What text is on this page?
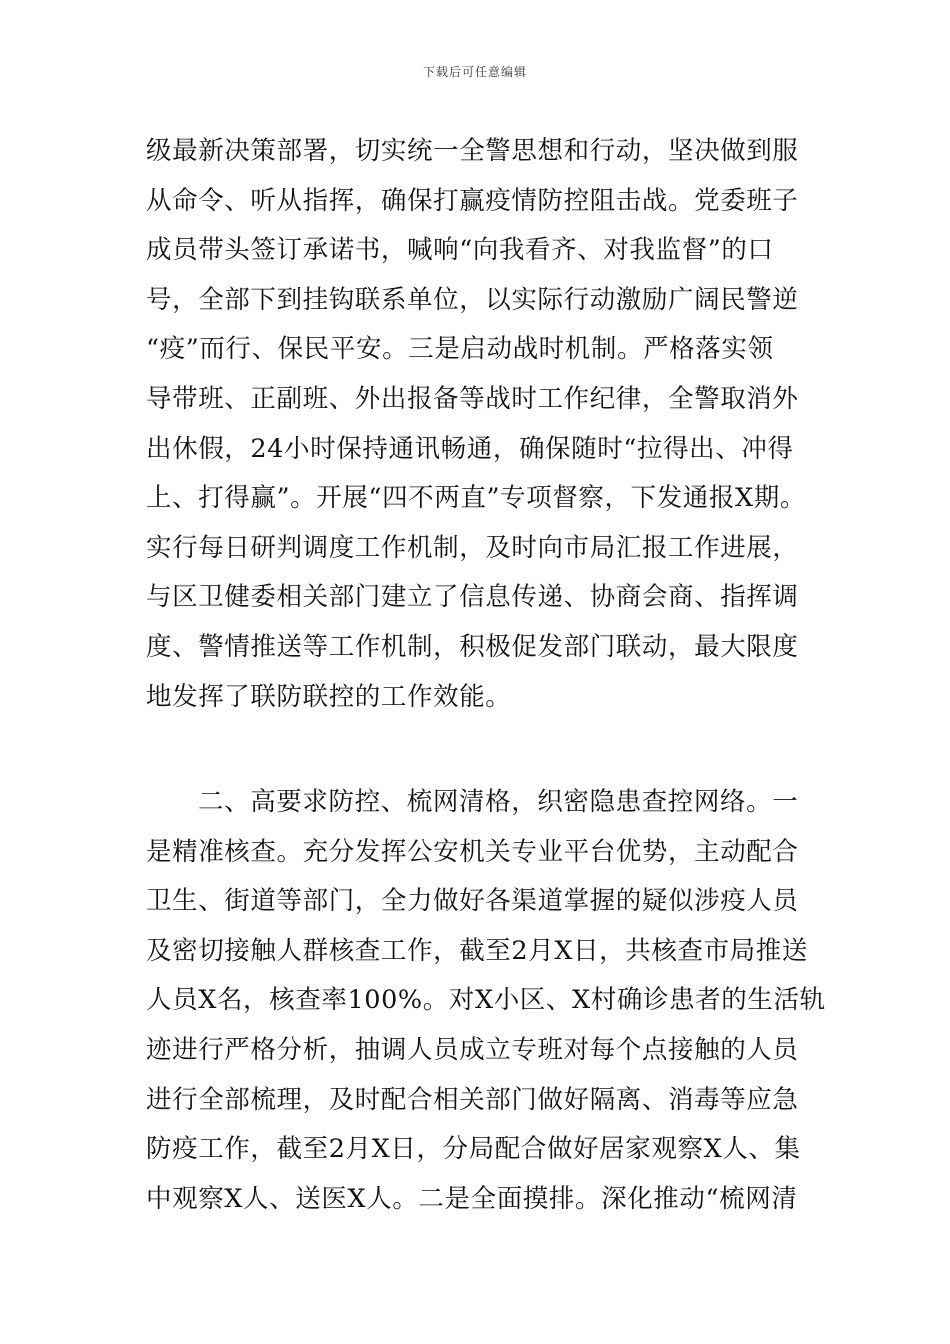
下载后可任意编辑
级最新决策部署，切实统一全警思想和行动，坚决做到服
从命令、听从指挥，确保打赢疫情防控阻击战。党委班子
成员带头签订承诺书，喊响“向我看齐、对我监督”的口
号，全部下到挂钩联系单位，以实际行动激励广阔民警逆
“疫”而行、保民平安。三是启动战时机制。严格落实领
导带班、正副班、外出报备等战时工作纪律，全警取消外
出休假，24小时保持通讯畅通，确保随时“拉得出、冲得
上、打得赢”。开展“四不两直”专项督察，下发通报X期。
实行每日研判调度工作机制，及时向市局汇报工作进展，
与区卫健委相关部门建立了信息传递、协商会商、指挥调
度、警情推送等工作机制，积极促发部门联动，最大限度
地发挥了联防联控的工作效能。
二、高要求防控、梳网清格，织密隐患查控网络。一
是精准核查。充分发挥公安机关专业平台优势，主动配合
卫生、街道等部门，全力做好各渠道掌握的疑似涉疫人员
及密切接触人群核查工作，截至2月X日，共核查市局推送
人员X名，核查率100%。对X小区、X村确诊患者的生活轨
迹进行严格分析，抽调人员成立专班对每个点接触的人员
进行全部梳理，及时配合相关部门做好隔离、消毒等应急
防疫工作，截至2月X日，分局配合做好居家观察X人、集
中观察X人、送医X人。二是全面摸排。深化推动“梳网清
